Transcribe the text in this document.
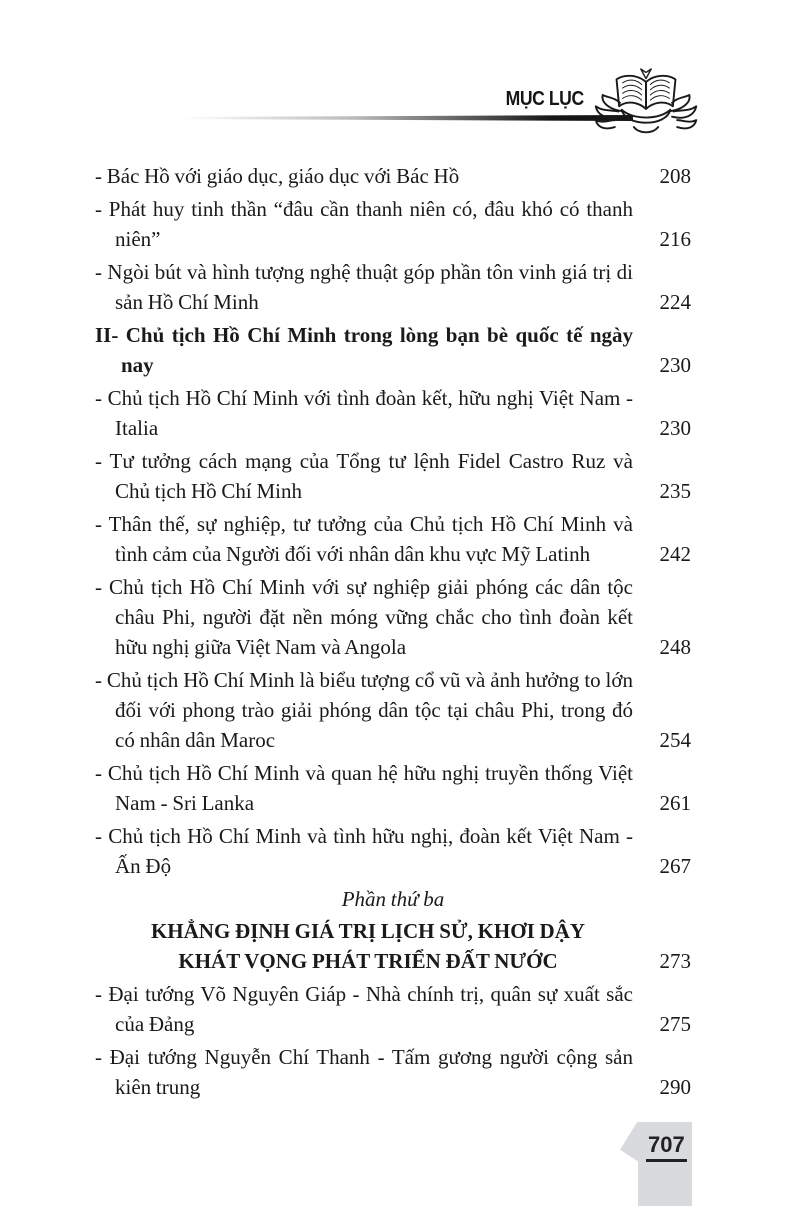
MỤC LỤC
- Bác Hồ với giáo dục, giáo dục với Bác Hồ	208
- Phát huy tinh thần “đâu cần thanh niên có, đâu khó có thanh niên”	216
- Ngòi bút và hình tượng nghệ thuật góp phần tôn vinh giá trị di sản Hồ Chí Minh	224
II- Chủ tịch Hồ Chí Minh trong lòng bạn bè quốc tế ngày nay	230
- Chủ tịch Hồ Chí Minh với tình đoàn kết, hữu nghị Việt Nam - Italia	230
- Tư tưởng cách mạng của Tổng tư lệnh Fidel Castro Ruz và Chủ tịch Hồ Chí Minh	235
- Thân thế, sự nghiệp, tư tưởng của Chủ tịch Hồ Chí Minh và tình cảm của Người đối với nhân dân khu vực Mỹ Latinh	242
- Chủ tịch Hồ Chí Minh với sự nghiệp giải phóng các dân tộc châu Phi, người đặt nền móng vững chắc cho tình đoàn kết hữu nghị giữa Việt Nam và Angola	248
- Chủ tịch Hồ Chí Minh là biểu tượng cổ vũ và ảnh hưởng to lớn đối với phong trào giải phóng dân tộc tại châu Phi, trong đó có nhân dân Maroc	254
- Chủ tịch Hồ Chí Minh và quan hệ hữu nghị truyền thống Việt Nam - Sri Lanka	261
- Chủ tịch Hồ Chí Minh và tình hữu nghị, đoàn kết Việt Nam - Ấn Độ	267
Phần thứ ba
KHẲNG ĐỊNH GIÁ TRỊ LỊCH SỬ, KHƠI DẬY KHÁT VỌNG PHÁT TRIỂN ĐẤT NƯỚC	273
- Đại tướng Võ Nguyên Giáp - Nhà chính trị, quân sự xuất sắc của Đảng	275
- Đại tướng Nguyễn Chí Thanh - Tấm gương người cộng sản kiên trung	290
707
